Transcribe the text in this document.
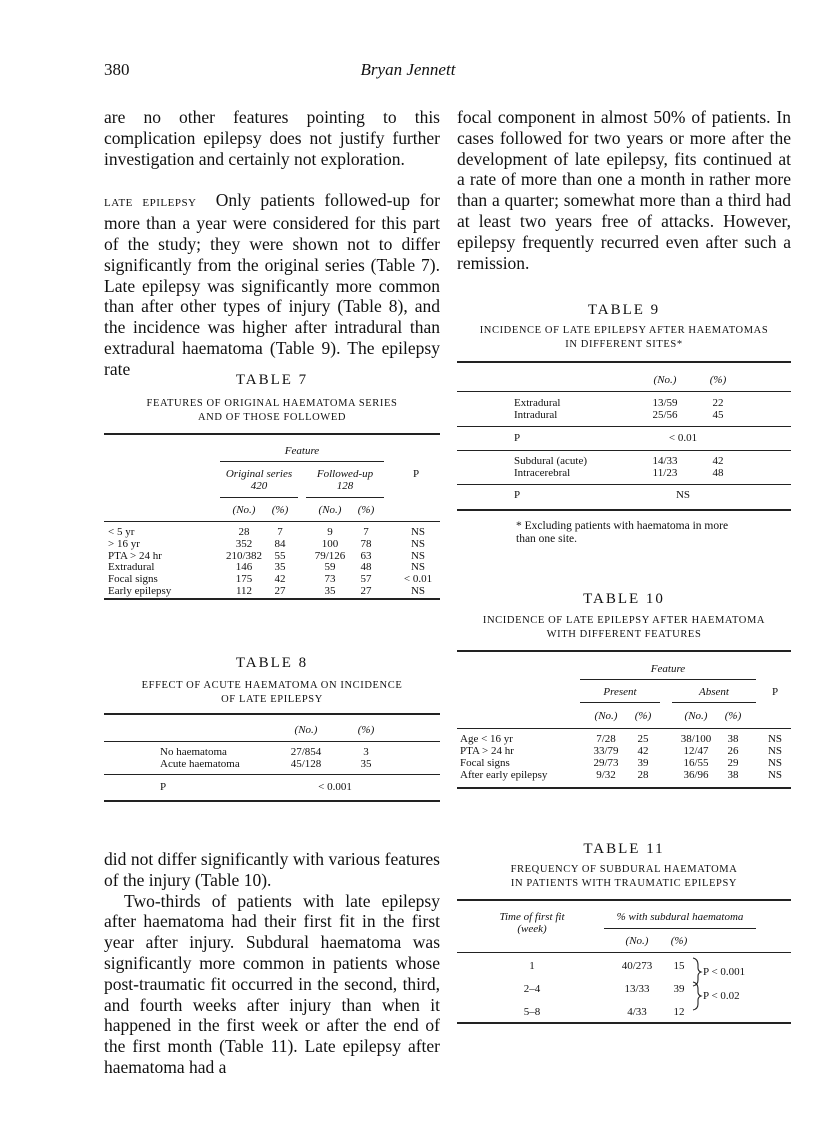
380	Bryan Jennett

are no other features pointing to this complication epilepsy does not justify further investigation and certainly not exploration.

late epilepsy Only patients followed-up for more than a year were considered for this part of the study; they were shown not to differ significantly from the original series (Table 7). Late epilepsy was significantly more common than after other types of injury (Table 8), and the incidence was higher after intradural than extradural haematoma (Table 9). The epilepsy rate

focal component in almost 50% of patients. In cases followed for two years or more after the development of late epilepsy, fits continued at a rate of more than one a month in rather more than a quarter; somewhat more than a third had at least two years free of attacks. However, epilepsy frequently recurred even after such a remission.

TABLE 7
FEATURES OF ORIGINAL HAEMATOMA SERIES
AND OF THOSE FOLLOWED
Feature
Original series
420
Followed-up
128
P
(No.)	(%)	(No.)	(%)
< 5 yr	28	7	9	7	NS
> 16 yr	352	84	100	78	NS
PTA > 24 hr	210/382	55	79/126	63	NS
Extradural	146	35	59	48	NS
Focal signs	175	42	73	57	< 0.01
Early epilepsy	112	27	35	27	NS
TABLE 8
EFFECT OF ACUTE HAEMATOMA ON INCIDENCE
OF LATE EPILEPSY
(No.)	(%)
No haematoma	27/854	3
Acute haematoma	45/128	35
P	< 0.001

did not differ significantly with various features of the injury (Table 10).

Two-thirds of patients with late epilepsy after haematoma had their first fit in the first year after injury. Subdural haematoma was significantly more common in patients whose post-traumatic fit occurred in the second, third, and fourth weeks after injury than when it happened in the first week or after the end of the first month (Table 11). Late epilepsy after haematoma had a

TABLE 9
INCIDENCE OF LATE EPILEPSY AFTER HAEMATOMAS
IN DIFFERENT SITES*
(No.)	(%)
Extradural	13/59	22
Intradural	25/56	45
P	< 0.01
Subdural (acute)	14/33	42
Intracerebral	11/23	48
P	NS
* Excluding patients with haematoma in more than one site.
TABLE 10
INCIDENCE OF LATE EPILEPSY AFTER HAEMATOMA
WITH DIFFERENT FEATURES
Feature
Present	Absent	P
(No.)	(%)	(No.)	(%)
Age < 16 yr	7/28	25	38/100	38	NS
PTA > 24 hr	33/79	42	12/47	26	NS
Focal signs	29/73	39	16/55	29	NS
After early epilepsy	9/32	28	36/96	38	NS
TABLE 11
FREQUENCY OF SUBDURAL HAEMATOMA
IN PATIENTS WITH TRAUMATIC EPILEPSY
Time of first fit
(week)
% with subdural haematoma
(No.)	(%)
1	40/273	15
2–4	13/33	39
5–8	4/33	12
P < 0.001
P < 0.02
